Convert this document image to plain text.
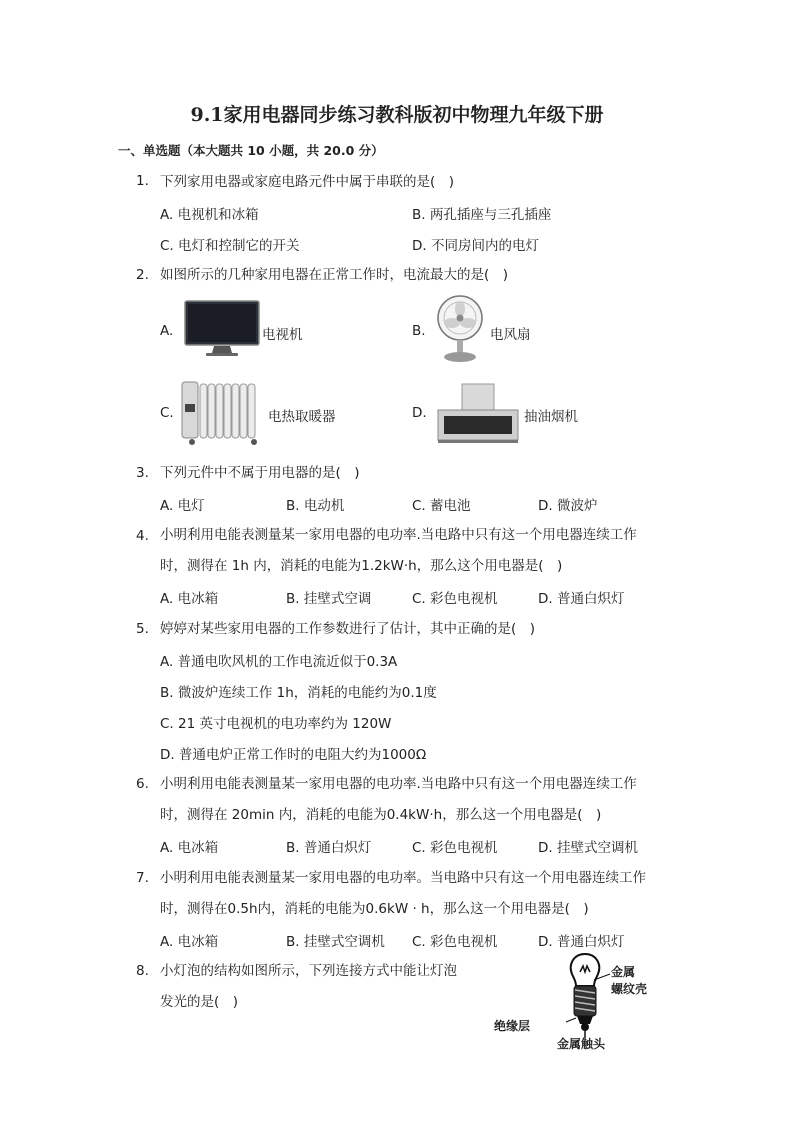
9.1家用电器同步练习教科版初中物理九年级下册
一、单选题（本大题共 10 小题，共 20.0 分）
1. 下列家用电器或家庭电路元件中属于串联的是(　)
A. 电视机和冰箱	B. 两孔插座与三孔插座
C. 电灯和控制它的开关	D. 不同房间内的电灯
2. 如图所示的几种家用电器在正常工作时，电流最大的是(　)
A.	电视机	B.	电风扇
C.	电热取暖器	D.	抽油烟机
3. 下列元件中不属于用电器的是(　)
A. 电灯	B. 电动机	C. 蓄电池	D. 微波炉
4. 小明利用电能表测量某一家用电器的电功率.当电路中只有这一个用电器连续工作
时，测得在 1h 内，消耗的电能为1.2kW·h，那么这个用电器是(　)
A. 电冰箱	B. 挂壁式空调	C. 彩色电视机	D. 普通白炽灯
5. 婷婷对某些家用电器的工作参数进行了估计，其中正确的是(　)
A. 普通电吹风机的工作电流近似于0.3A
B. 微波炉连续工作 1h，消耗的电能约为0.1度
C. 21 英寸电视机的电功率约为 120W
D. 普通电炉正常工作时的电阻大约为1000Ω
6. 小明利用电能表测量某一家用电器的电功率.当电路中只有这一个用电器连续工作
时，测得在 20min 内，消耗的电能为0.4kW·h，那么这一个用电器是(　)
A. 电冰箱	B. 普通白炽灯	C. 彩色电视机	D. 挂壁式空调机
7. 小明利用电能表测量某一家用电器的电功率。当电路中只有这一个用电器连续工作
时，测得在0.5h内，消耗的电能为0.6kW · h，那么这一个用电器是(　)
A. 电冰箱	B. 挂壁式空调机 C. 彩色电视机	D. 普通白炽灯
8. 小灯泡的结构如图所示，下列连接方式中能让灯泡
发光的是(　)
金属
螺纹壳
绝缘层
金属触头
